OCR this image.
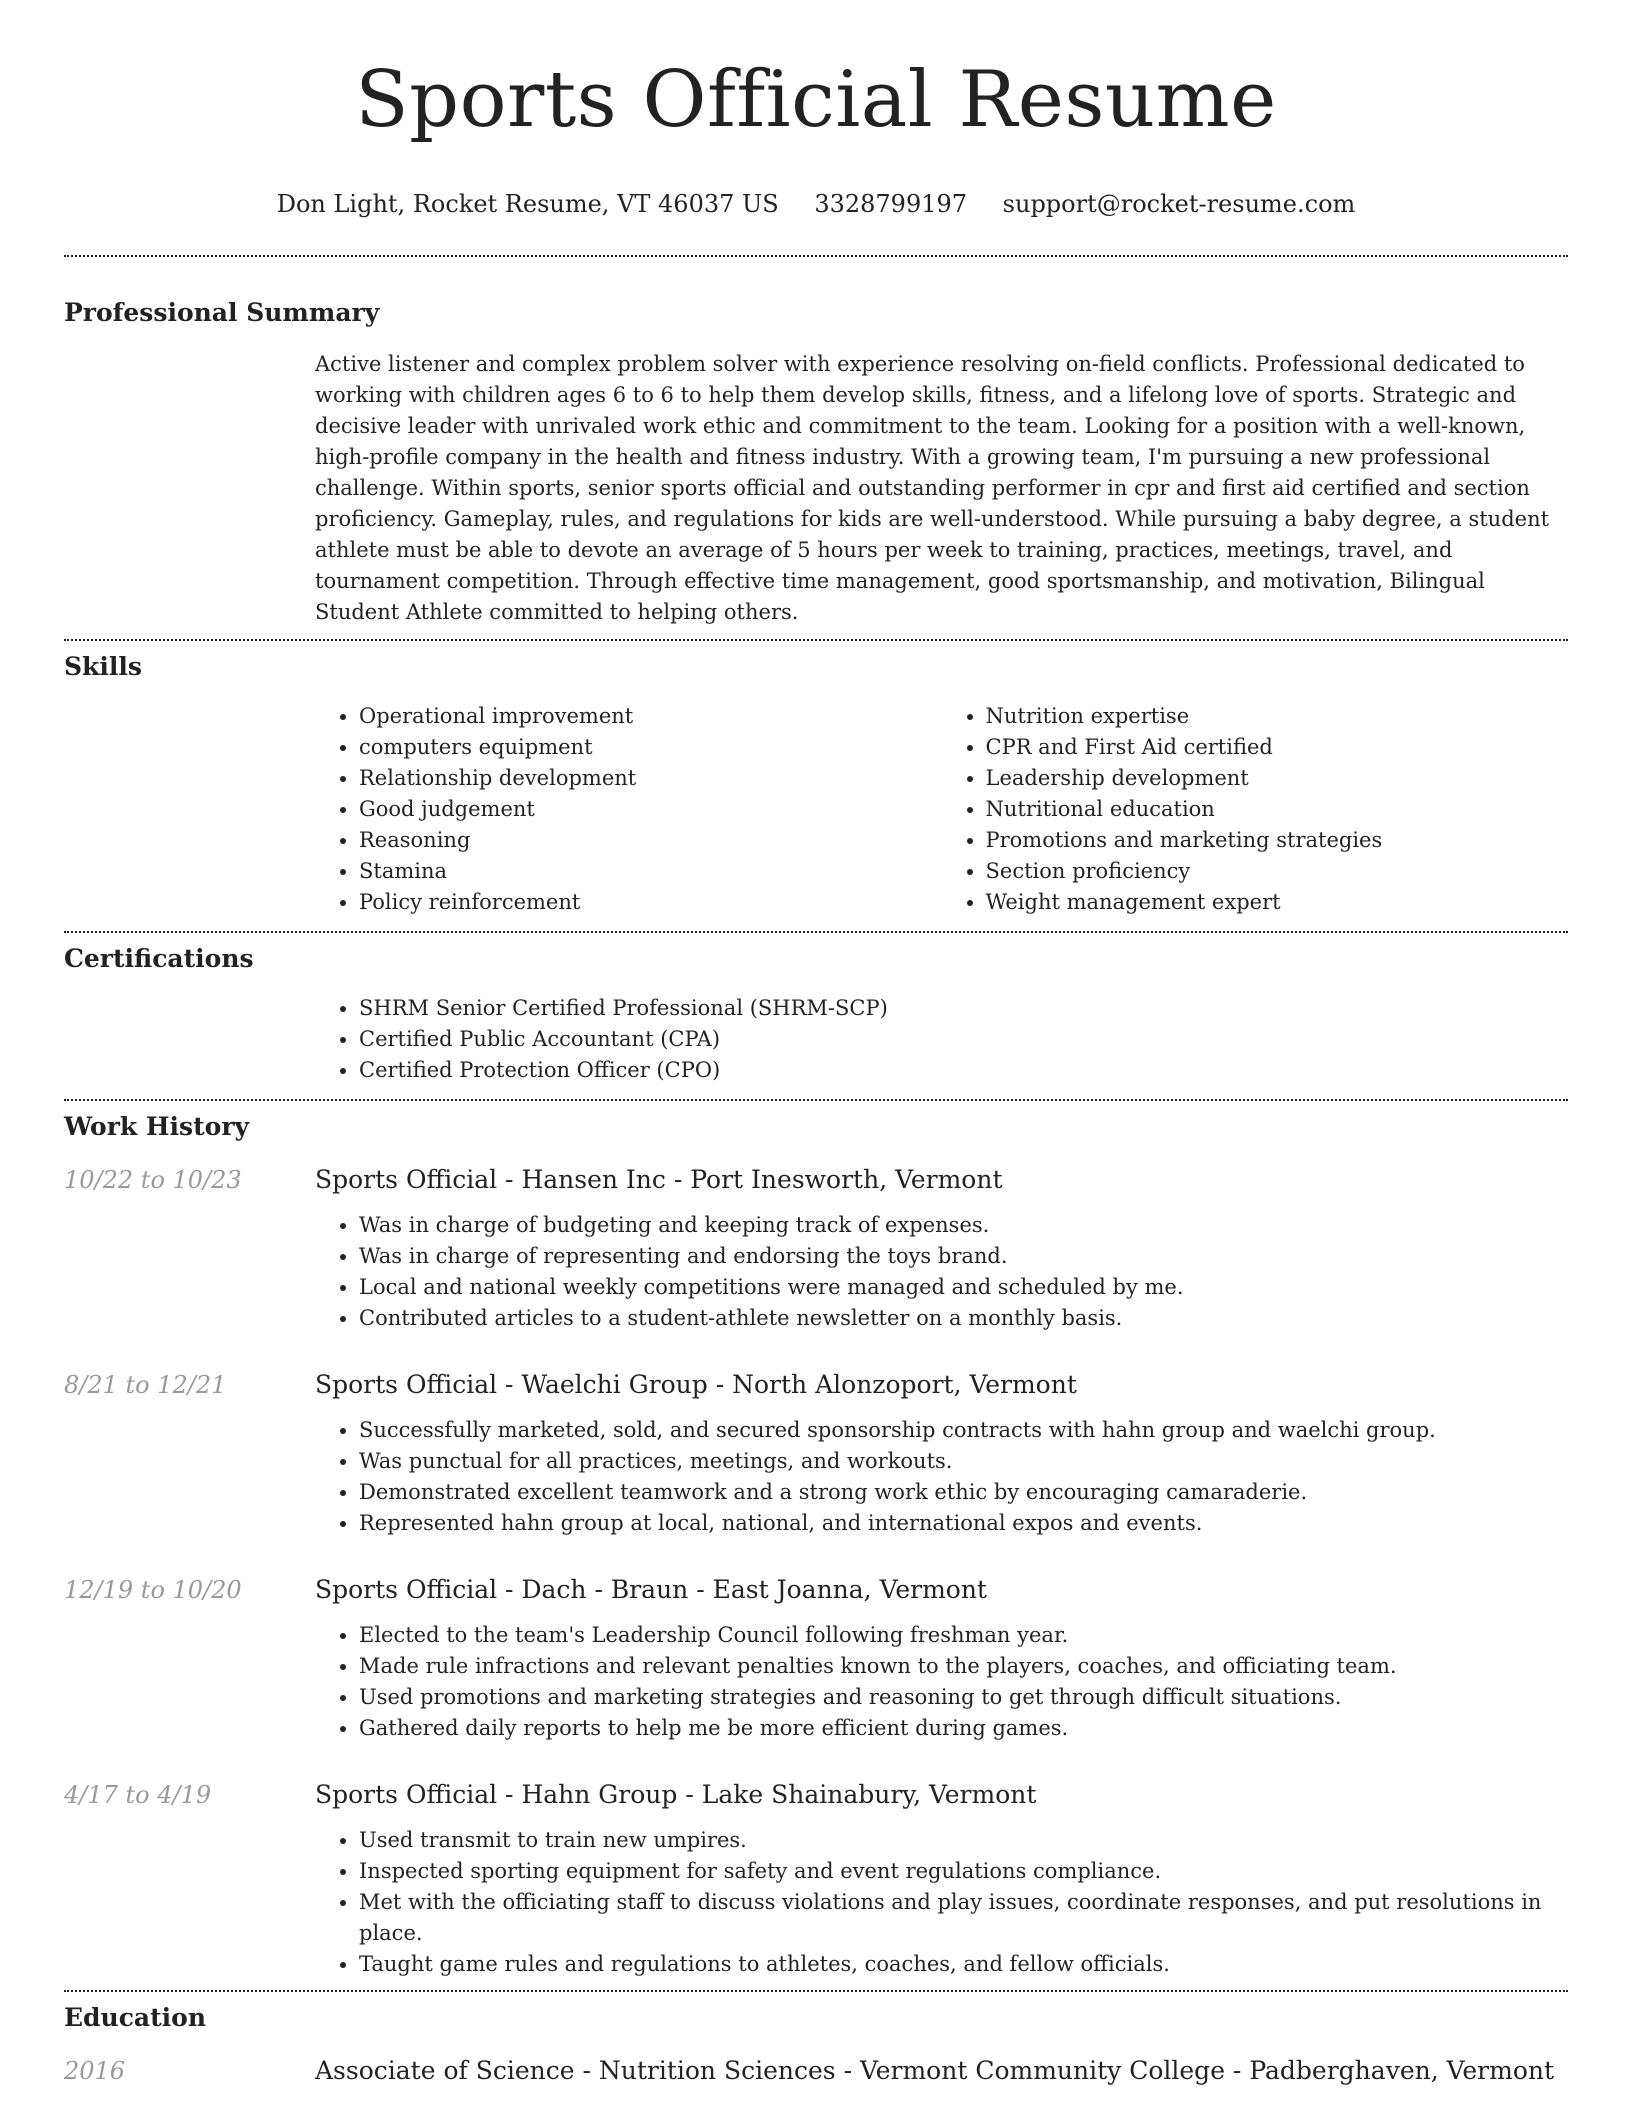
Sports Official Resume
Don Light, Rocket Resume, VT 46037 US 3328799197 support@rocket-resume.com
Professional Summary

Active listener and complex problem solver with experience resolving on-field conflicts. Professional dedicated to working with children ages 6 to 6 to help them develop skills, fitness, and a lifelong love of sports. Strategic and decisive leader with unrivaled work ethic and commitment to the team. Looking for a position with a well-known, high-profile company in the health and fitness industry. With a growing team, I'm pursuing a new professional challenge. Within sports, senior sports official and outstanding performer in cpr and first aid certified and section proficiency. Gameplay, rules, and regulations for kids are well-understood. While pursuing a baby degree, a student athlete must be able to devote an average of 5 hours per week to training, practices, meetings, travel, and tournament competition. Through effective time management, good sportsmanship, and motivation, Bilingual Student Athlete committed to helping others.

Skills
• Operational improvement
• computers equipment
• Relationship development
• Good judgement
• Reasoning
• Stamina
• Policy reinforcement
• Nutrition expertise
• CPR and First Aid certified
• Leadership development
• Nutritional education
• Promotions and marketing strategies
• Section proficiency
• Weight management expert
Certifications
• SHRM Senior Certified Professional (SHRM-SCP)
• Certified Public Accountant (CPA)
• Certified Protection Officer (CPO)
Work History
10/22 to 10/23	Sports Official - Hansen Inc - Port Inesworth, Vermont
• Was in charge of budgeting and keeping track of expenses.
• Was in charge of representing and endorsing the toys brand.
• Local and national weekly competitions were managed and scheduled by me.
• Contributed articles to a student-athlete newsletter on a monthly basis.
8/21 to 12/21	Sports Official - Waelchi Group - North Alonzoport, Vermont
• Successfully marketed, sold, and secured sponsorship contracts with hahn group and waelchi group.
• Was punctual for all practices, meetings, and workouts.
• Demonstrated excellent teamwork and a strong work ethic by encouraging camaraderie.
• Represented hahn group at local, national, and international expos and events.
12/19 to 10/20	Sports Official - Dach - Braun - East Joanna, Vermont
• Elected to the team's Leadership Council following freshman year.
• Made rule infractions and relevant penalties known to the players, coaches, and officiating team.
• Used promotions and marketing strategies and reasoning to get through difficult situations.
• Gathered daily reports to help me be more efficient during games.
4/17 to 4/19	Sports Official - Hahn Group - Lake Shainabury, Vermont
• Used transmit to train new umpires.
• Inspected sporting equipment for safety and event regulations compliance.
• Met with the officiating staff to discuss violations and play issues, coordinate responses, and put resolutions in place.
• Taught game rules and regulations to athletes, coaches, and fellow officials.
Education
2016	Associate of Science - Nutrition Sciences - Vermont Community College - Padberghaven, Vermont
